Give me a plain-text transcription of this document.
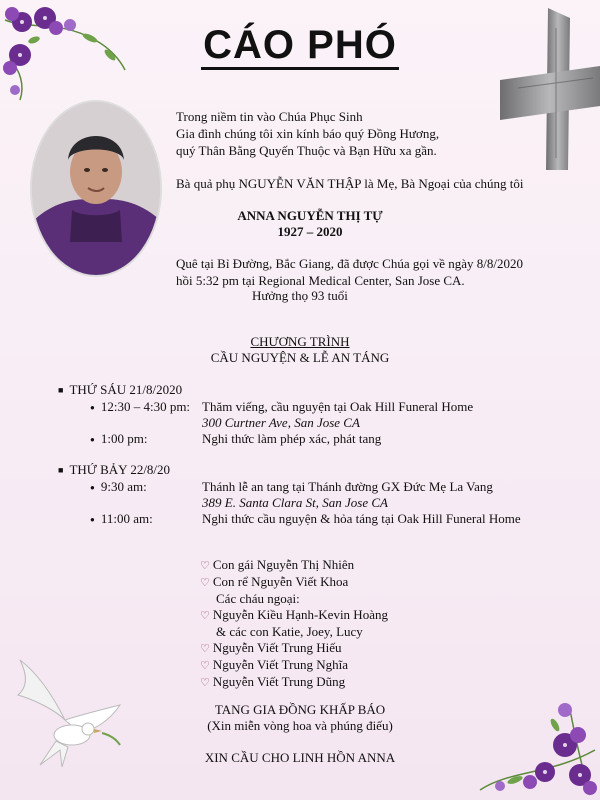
CÁO PHÓ
Trong niềm tin vào Chúa Phục Sinh
Gia đình chúng tôi xin kính báo quý Đồng Hương,
quý Thân Bằng Quyến Thuộc và Bạn Hữu xa gần.
Bà quả phụ NGUYỄN VĂN THẬP là Mẹ, Bà Ngoại của chúng tôi
ANNA NGUYỄN THỊ TỰ
1927 – 2020
Quê tại Bỉ Đường, Bắc Giang, đã được Chúa gọi về ngày 8/8/2020
hồi 5:32 pm tại Regional Medical Center, San Jose CA.
Hưởng thọ 93 tuổi
CHƯƠNG TRÌNH
CẦU NGUYỆN & LỄ AN TÁNG
■ THỨ SÁU 21/8/2020
● 12:30 – 4:30 pm: Thăm viếng, cầu nguyện tại Oak Hill Funeral Home
300 Curtner Ave, San Jose CA
● 1:00 pm:	Nghi thức làm phép xác, phát tang
■ THỨ BẢY 22/8/20
● 9:30 am:	Thánh lễ an tang tại Thánh đường GX Đức Mẹ La Vang
389 E. Santa Clara St, San Jose CA
● 11:00 am:	Nghi thức cầu nguyện & hỏa táng tại Oak Hill Funeral Home
♡ Con gái Nguyễn Thị Nhiên
♡ Con rể Nguyễn Viết Khoa
Các cháu ngoại:
♡ Nguyễn Kiều Hạnh-Kevin Hoàng
& các con Katie, Joey, Lucy
♡ Nguyễn Viết Trung Hiếu
♡ Nguyễn Viết Trung Nghĩa
♡ Nguyễn Viết Trung Dũng
TANG GIA ĐỒNG KHẤP BÁO
(Xin miễn vòng hoa và phúng điếu)
XIN CẦU CHO LINH HỒN ANNA
